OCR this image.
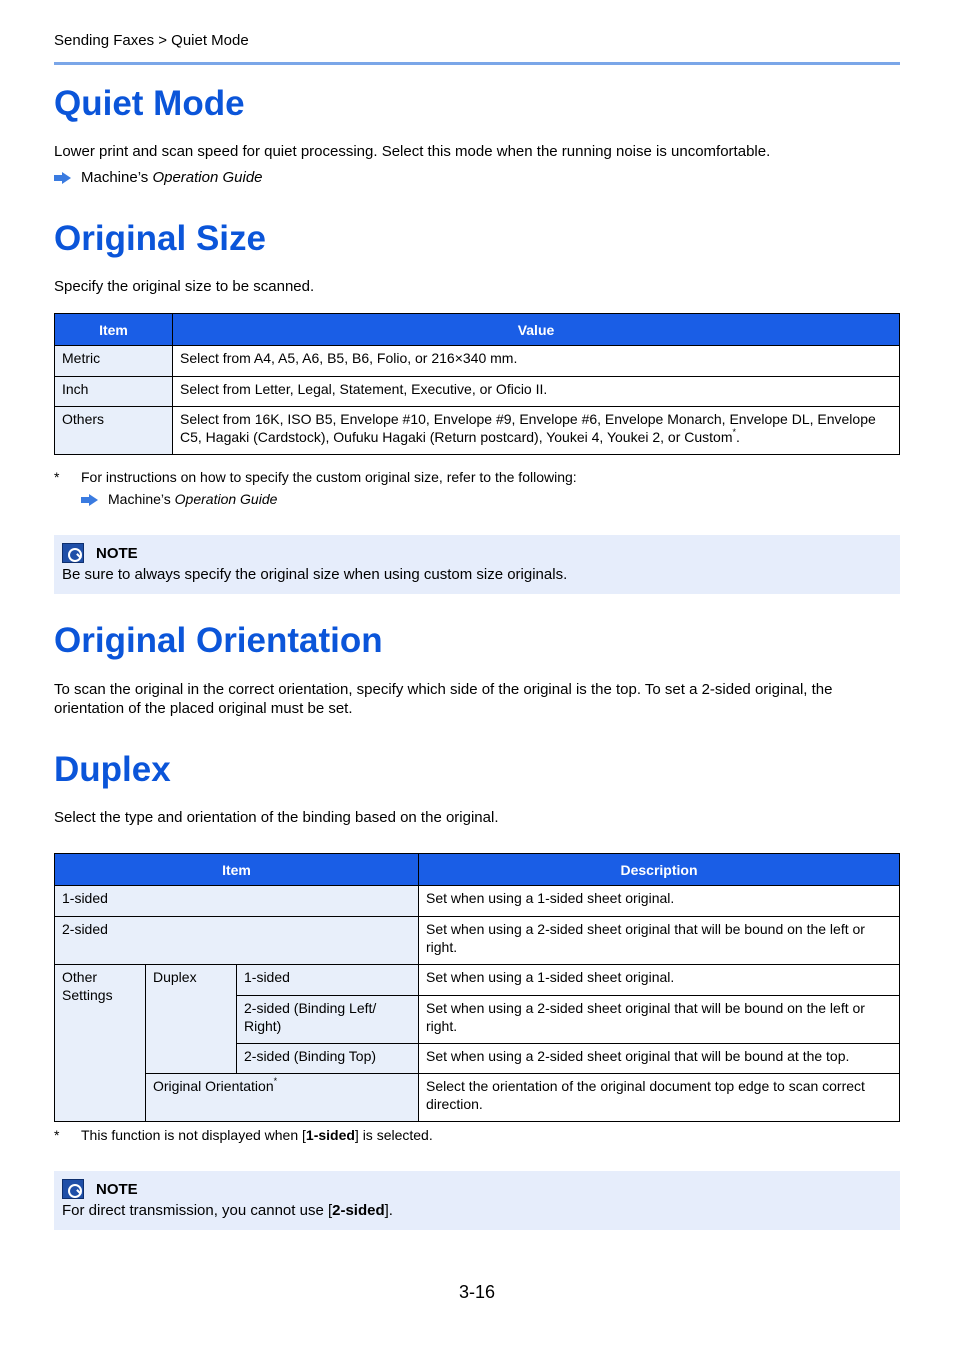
Sending Faxes > Quiet Mode
Quiet Mode
Lower print and scan speed for quiet processing. Select this mode when the running noise is uncomfortable.
Machine’s
Operation Guide
Original Size
Specify the original size to be scanned.
Item	Value
Metric	Select from A4, A5, A6, B5, B6, Folio, or 216×340 mm.
Inch	Select from Letter, Legal, Statement, Executive, or Oficio II.
Others	Select from 16K, ISO B5, Envelope #10, Envelope #9, Envelope #6, Envelope Monarch, Envelope DL, Envelope C5, Hagaki (Cardstock), Oufuku Hagaki (Return postcard), Youkei 4, Youkei 2, or Custom*.
*	For instructions on how to specify the custom original size, refer to the following:
Machine’s
Operation Guide
NOTE
Be sure to always specify the original size when using custom size originals.
Original Orientation
To scan the original in the correct orientation, specify which side of the original is the top. To set a 2-sided original, the orientation of the placed original must be set.
Duplex
Select the type and orientation of the binding based on the original.
Item			Description
1-sided			Set when using a 1-sided sheet original.
2-sided			Set when using a 2-sided sheet original that will be bound on the left or right.
Other Settings	Duplex	1-sided	Set when using a 1-sided sheet original.
		2-sided (Binding Left/ Right)	Set when using a 2-sided sheet original that will be bound on the left or right.
		2-sided (Binding Top)	Set when using a 2-sided sheet original that will be bound at the top.
	Original Orientation*		Select the orientation of the original document top edge to scan correct direction.
*	This function is not displayed when [1-sided] is selected.
NOTE
For direct transmission, you cannot use [2-sided].
3-16
